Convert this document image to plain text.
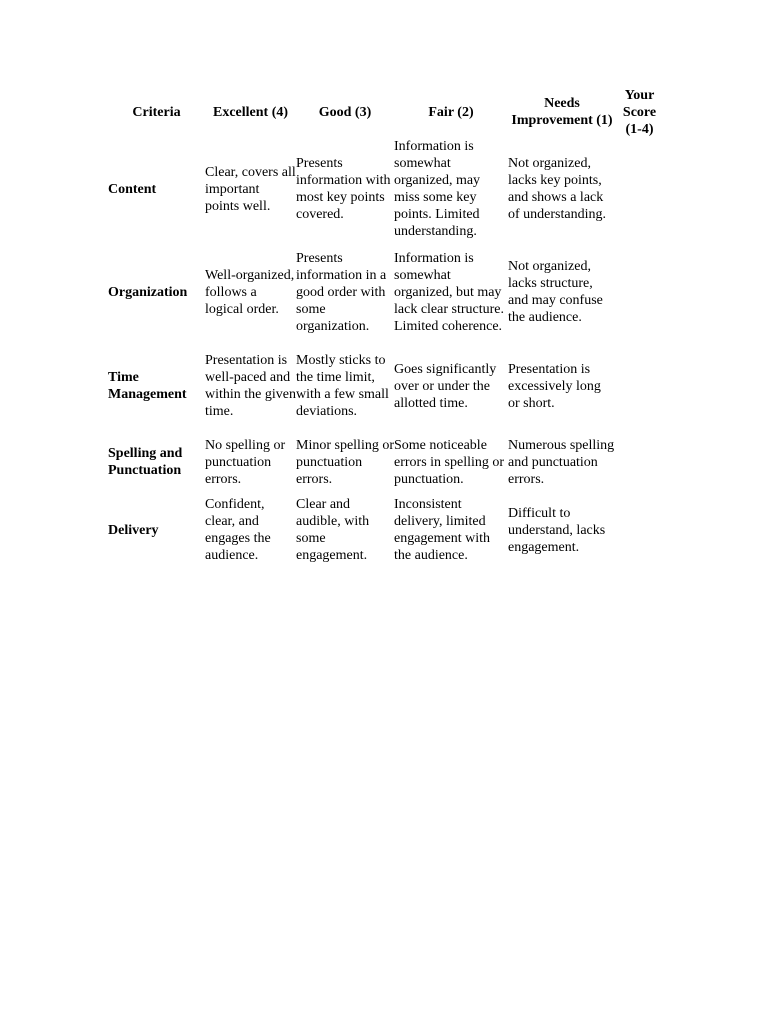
Criteria	Excellent (4)	Good (3)	Fair (2)	Needs Improvement (1)	Your Score (1-4)
Content	Clear, covers all important points well.	Presents information with most key points covered.	Information is somewhat organized, may miss some key points. Limited understanding.	Not organized, lacks key points, and shows a lack of understanding.	
Organization	Well-organized, follows a logical order.	Presents information in a good order with some organization.	Information is somewhat organized, but may lack clear structure. Limited coherence.	Not organized, lacks structure, and may confuse the audience.	
Time Management	Presentation is well-paced and within the given time.	Mostly sticks to the time limit, with a few small deviations.	Goes significantly over or under the allotted time.	Presentation is excessively long or short.	
Spelling and Punctuation	No spelling or punctuation errors.	Minor spelling or punctuation errors.	Some noticeable errors in spelling or punctuation.	Numerous spelling and punctuation errors.	
Delivery	Confident, clear, and engages the audience.	Clear and audible, with some engagement.	Inconsistent delivery, limited engagement with the audience.	Difficult to understand, lacks engagement.	
